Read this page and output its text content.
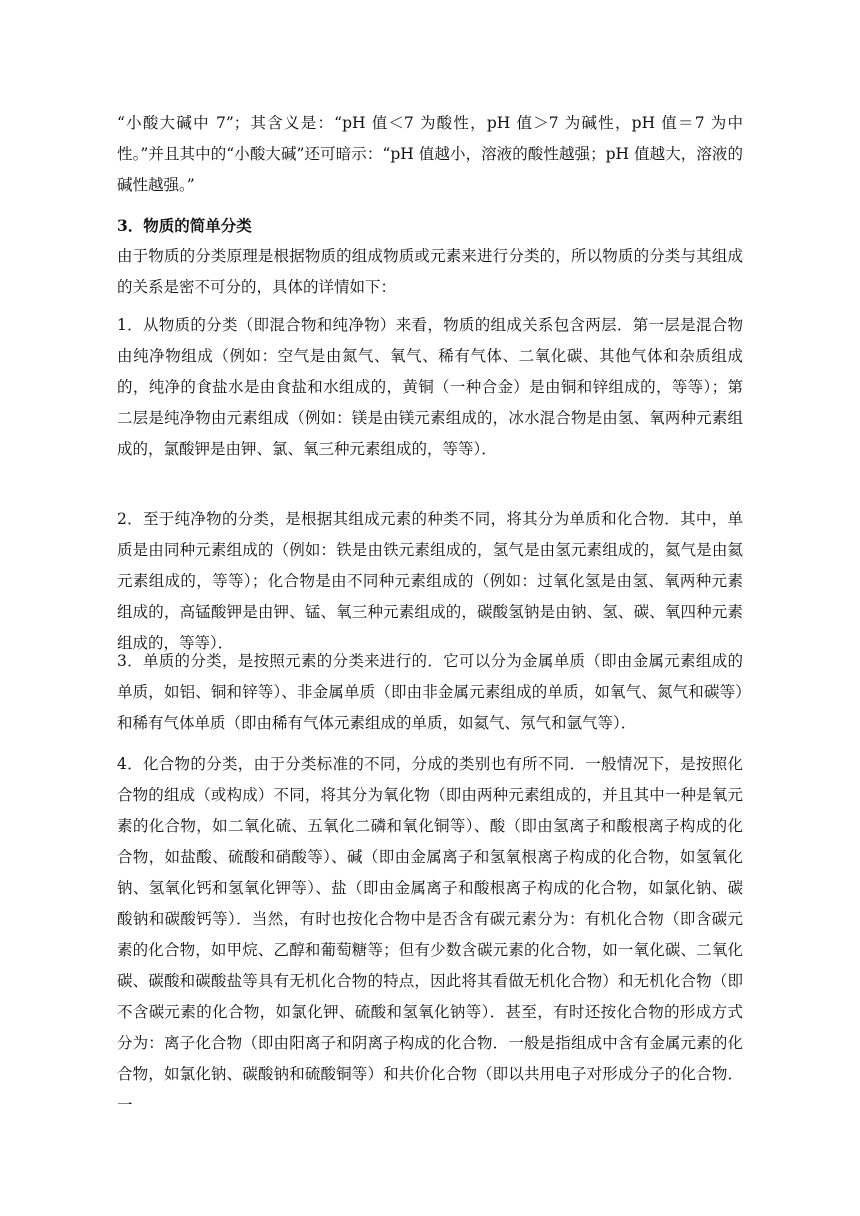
“小酸大碱中 7”；其含义是：“pH 值＜7 为酸性，pH 值＞7 为碱性，pH 值＝7 为中性。”并且其中的“小酸大碱”还可暗示：“pH 值越小，溶液的酸性越强；pH 值越大，溶液的碱性越强。”

3．物质的简单分类

由于物质的分类原理是根据物质的组成物质或元素来进行分类的，所以物质的分类与其组成的关系是密不可分的，具体的详情如下：

1．从物质的分类（即混合物和纯净物）来看，物质的组成关系包含两层．第一层是混合物由纯净物组成（例如：空气是由氮气、氧气、稀有气体、二氧化碳、其他气体和杂质组成的，纯净的食盐水是由食盐和水组成的，黄铜（一种合金）是由铜和锌组成的，等等）；第二层是纯净物由元素组成（例如：镁是由镁元素组成的，冰水混合物是由氢、氧两种元素组成的，氯酸钾是由钾、氯、氧三种元素组成的，等等）．

2．至于纯净物的分类，是根据其组成元素的种类不同，将其分为单质和化合物．其中，单质是由同种元素组成的（例如：铁是由铁元素组成的，氢气是由氢元素组成的，氦气是由氦元素组成的，等等）；化合物是由不同种元素组成的（例如：过氧化氢是由氢、氧两种元素组成的，高锰酸钾是由钾、锰、氧三种元素组成的，碳酸氢钠是由钠、氢、碳、氧四种元素组成的，等等）．

3．单质的分类，是按照元素的分类来进行的．它可以分为金属单质（即由金属元素组成的单质，如铝、铜和锌等）、非金属单质（即由非金属元素组成的单质，如氧气、氮气和碳等）和稀有气体单质（即由稀有气体元素组成的单质，如氦气、氖气和氩气等）．

4．化合物的分类，由于分类标准的不同，分成的类别也有所不同．一般情况下，是按照化合物的组成（或构成）不同，将其分为氧化物（即由两种元素组成的，并且其中一种是氧元素的化合物，如二氧化硫、五氧化二磷和氧化铜等）、酸（即由氢离子和酸根离子构成的化合物，如盐酸、硫酸和硝酸等）、碱（即由金属离子和氢氧根离子构成的化合物，如氢氧化钠、氢氧化钙和氢氧化钾等）、盐（即由金属离子和酸根离子构成的化合物，如氯化钠、碳酸钠和碳酸钙等）．当然，有时也按化合物中是否含有碳元素分为：有机化合物（即含碳元素的化合物，如甲烷、乙醇和葡萄糖等；但有少数含碳元素的化合物，如一氧化碳、二氧化碳、碳酸和碳酸盐等具有无机化合物的特点，因此将其看做无机化合物）和无机化合物（即不含碳元素的化合物，如氯化钾、硫酸和氢氧化钠等）．甚至，有时还按化合物的形成方式分为：离子化合物（即由阳离子和阴离子构成的化合物．一般是指组成中含有金属元素的化合物，如氯化钠、碳酸钠和硫酸铜等）和共价化合物（即以共用电子对形成分子的化合物．一
